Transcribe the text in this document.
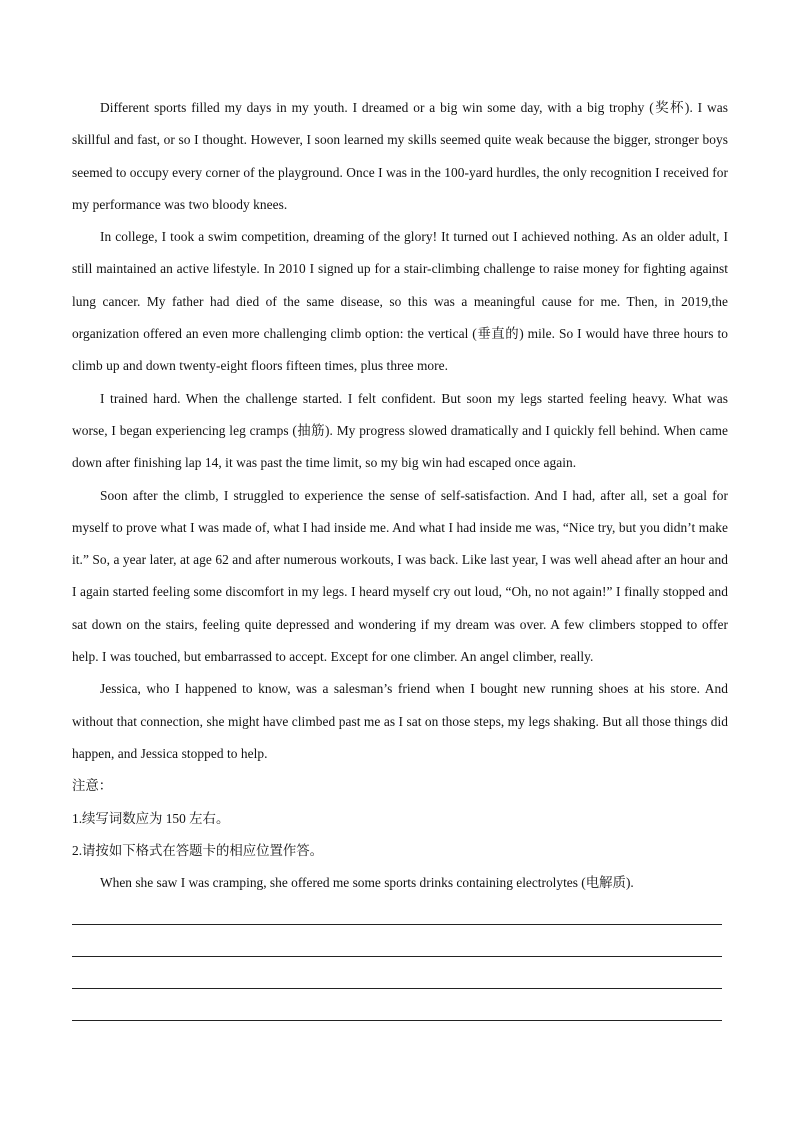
Different sports filled my days in my youth. I dreamed or a big win some day, with a big trophy (奖杯). I was skillful and fast, or so I thought. However, I soon learned my skills seemed quite weak because the bigger, stronger boys seemed to occupy every corner of the playground. Once I was in the 100-yard hurdles, the only recognition I received for my performance was two bloody knees.

In college, I took a swim competition, dreaming of the glory! It turned out I achieved nothing. As an older adult, I still maintained an active lifestyle. In 2010 I signed up for a stair-climbing challenge to raise money for fighting against lung cancer. My father had died of the same disease, so this was a meaningful cause for me. Then, in 2019,the organization offered an even more challenging climb option: the vertical (垂直的) mile. So I would have three hours to climb up and down twenty-eight floors fifteen times, plus three more.

I trained hard. When the challenge started. I felt confident. But soon my legs started feeling heavy. What was worse, I began experiencing leg cramps (抽筋). My progress slowed dramatically and I quickly fell behind. When came down after finishing lap 14, it was past the time limit, so my big win had escaped once again.

Soon after the climb, I struggled to experience the sense of self-satisfaction. And I had, after all, set a goal for myself to prove what I was made of, what I had inside me. And what I had inside me was, “Nice try, but you didn’t make it.” So, a year later, at age 62 and after numerous workouts, I was back. Like last year, I was well ahead after an hour and I again started feeling some discomfort in my legs. I heard myself cry out loud, “Oh, no not again!” I finally stopped and sat down on the stairs, feeling quite depressed and wondering if my dream was over. A few climbers stopped to offer help. I was touched, but embarrassed to accept. Except for one climber. An angel climber, really.

Jessica, who I happened to know, was a salesman’s friend when I bought new running shoes at his store. And without that connection, she might have climbed past me as I sat on those steps, my legs shaking. But all those things did happen, and Jessica stopped to help.

注意：

1.续写词数应为 150 左右。

2.请按如下格式在答题卡的相应位置作答。

When she saw I was cramping, she offered me some sports drinks containing electrolytes (电解质).
